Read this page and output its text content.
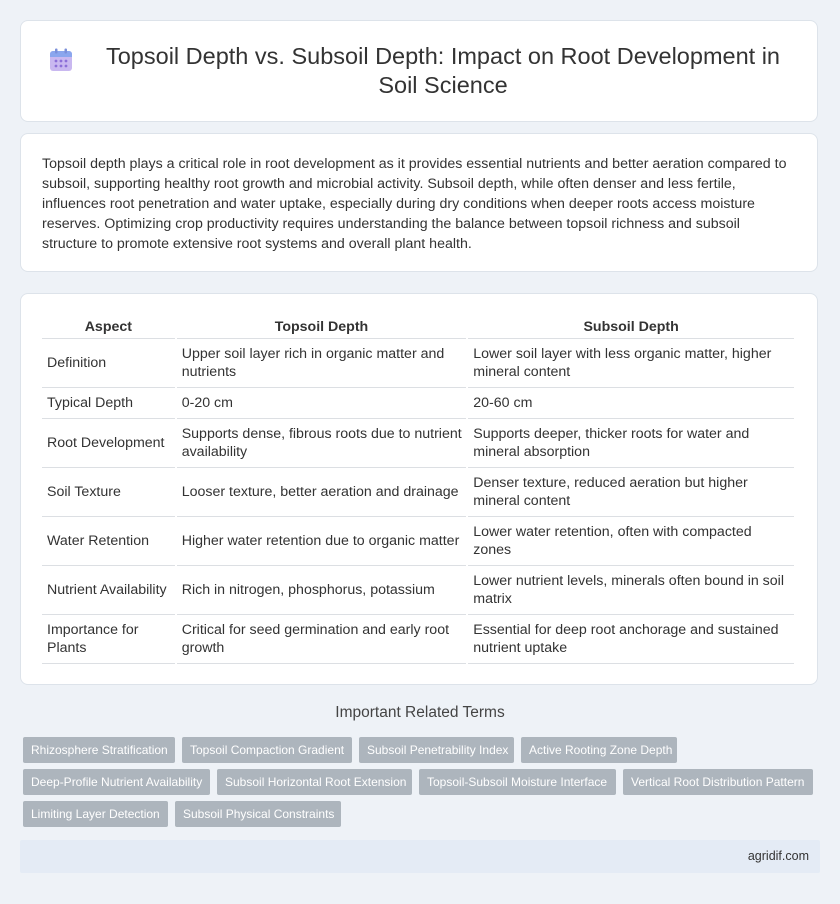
Topsoil Depth vs. Subsoil Depth: Impact on Root Development in Soil Science

Topsoil depth plays a critical role in root development as it provides essential nutrients and better aeration compared to subsoil, supporting healthy root growth and microbial activity. Subsoil depth, while often denser and less fertile, influences root penetration and water uptake, especially during dry conditions when deeper roots access moisture reserves. Optimizing crop productivity requires understanding the balance between topsoil richness and subsoil structure to promote extensive root systems and overall plant health.

Aspect	Topsoil Depth	Subsoil Depth
Definition	Upper soil layer rich in organic matter and nutrients	Lower soil layer with less organic matter, higher mineral content
Typical Depth	0-20 cm	20-60 cm
Root Development	Supports dense, fibrous roots due to nutrient availability	Supports deeper, thicker roots for water and mineral absorption
Soil Texture	Looser texture, better aeration and drainage	Denser texture, reduced aeration but higher mineral content
Water Retention	Higher water retention due to organic matter	Lower water retention, often with compacted zones
Nutrient Availability	Rich in nitrogen, phosphorus, potassium	Lower nutrient levels, minerals often bound in soil matrix
Importance for Plants	Critical for seed germination and early root growth	Essential for deep root anchorage and sustained nutrient uptake
Important Related Terms
Rhizosphere Stratification	Topsoil Compaction Gradient	Subsoil Penetrability Index	Active Rooting Zone Depth
Deep-Profile Nutrient Availability	Subsoil Horizontal Root Extension	Topsoil-Subsoil Moisture Interface	Vertical Root Distribution Pattern
Limiting Layer Detection	Subsoil Physical Constraints
agridif.com
